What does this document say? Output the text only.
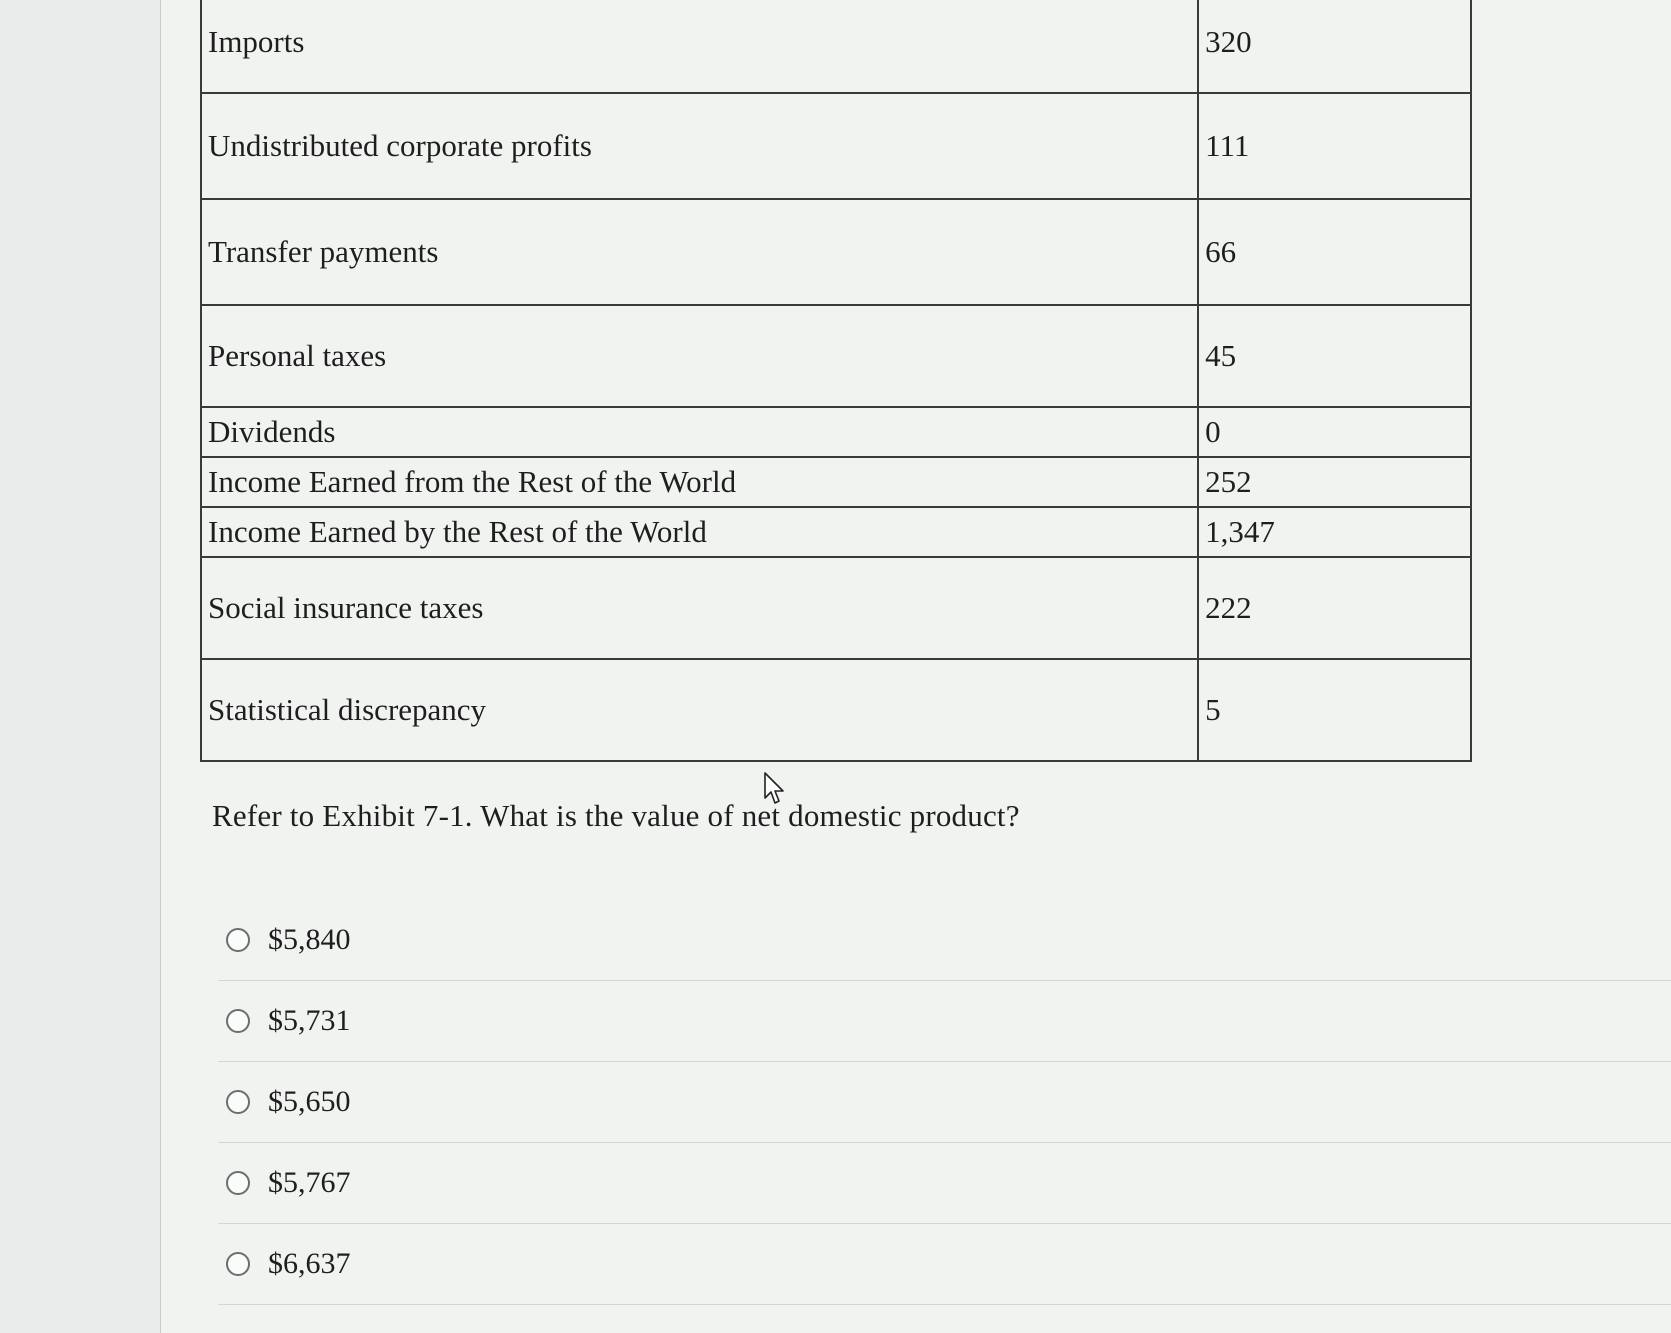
Imports	320
Undistributed corporate profits	111
Transfer payments	66
Personal taxes	45
Dividends	0
Income Earned from the Rest of the World	252
Income Earned by the Rest of the World	1,347
Social insurance taxes	222
Statistical discrepancy	5
Refer to Exhibit 7-1. What is the value of net domestic product?
$5,840
$5,731
$5,650
$5,767
$6,637
